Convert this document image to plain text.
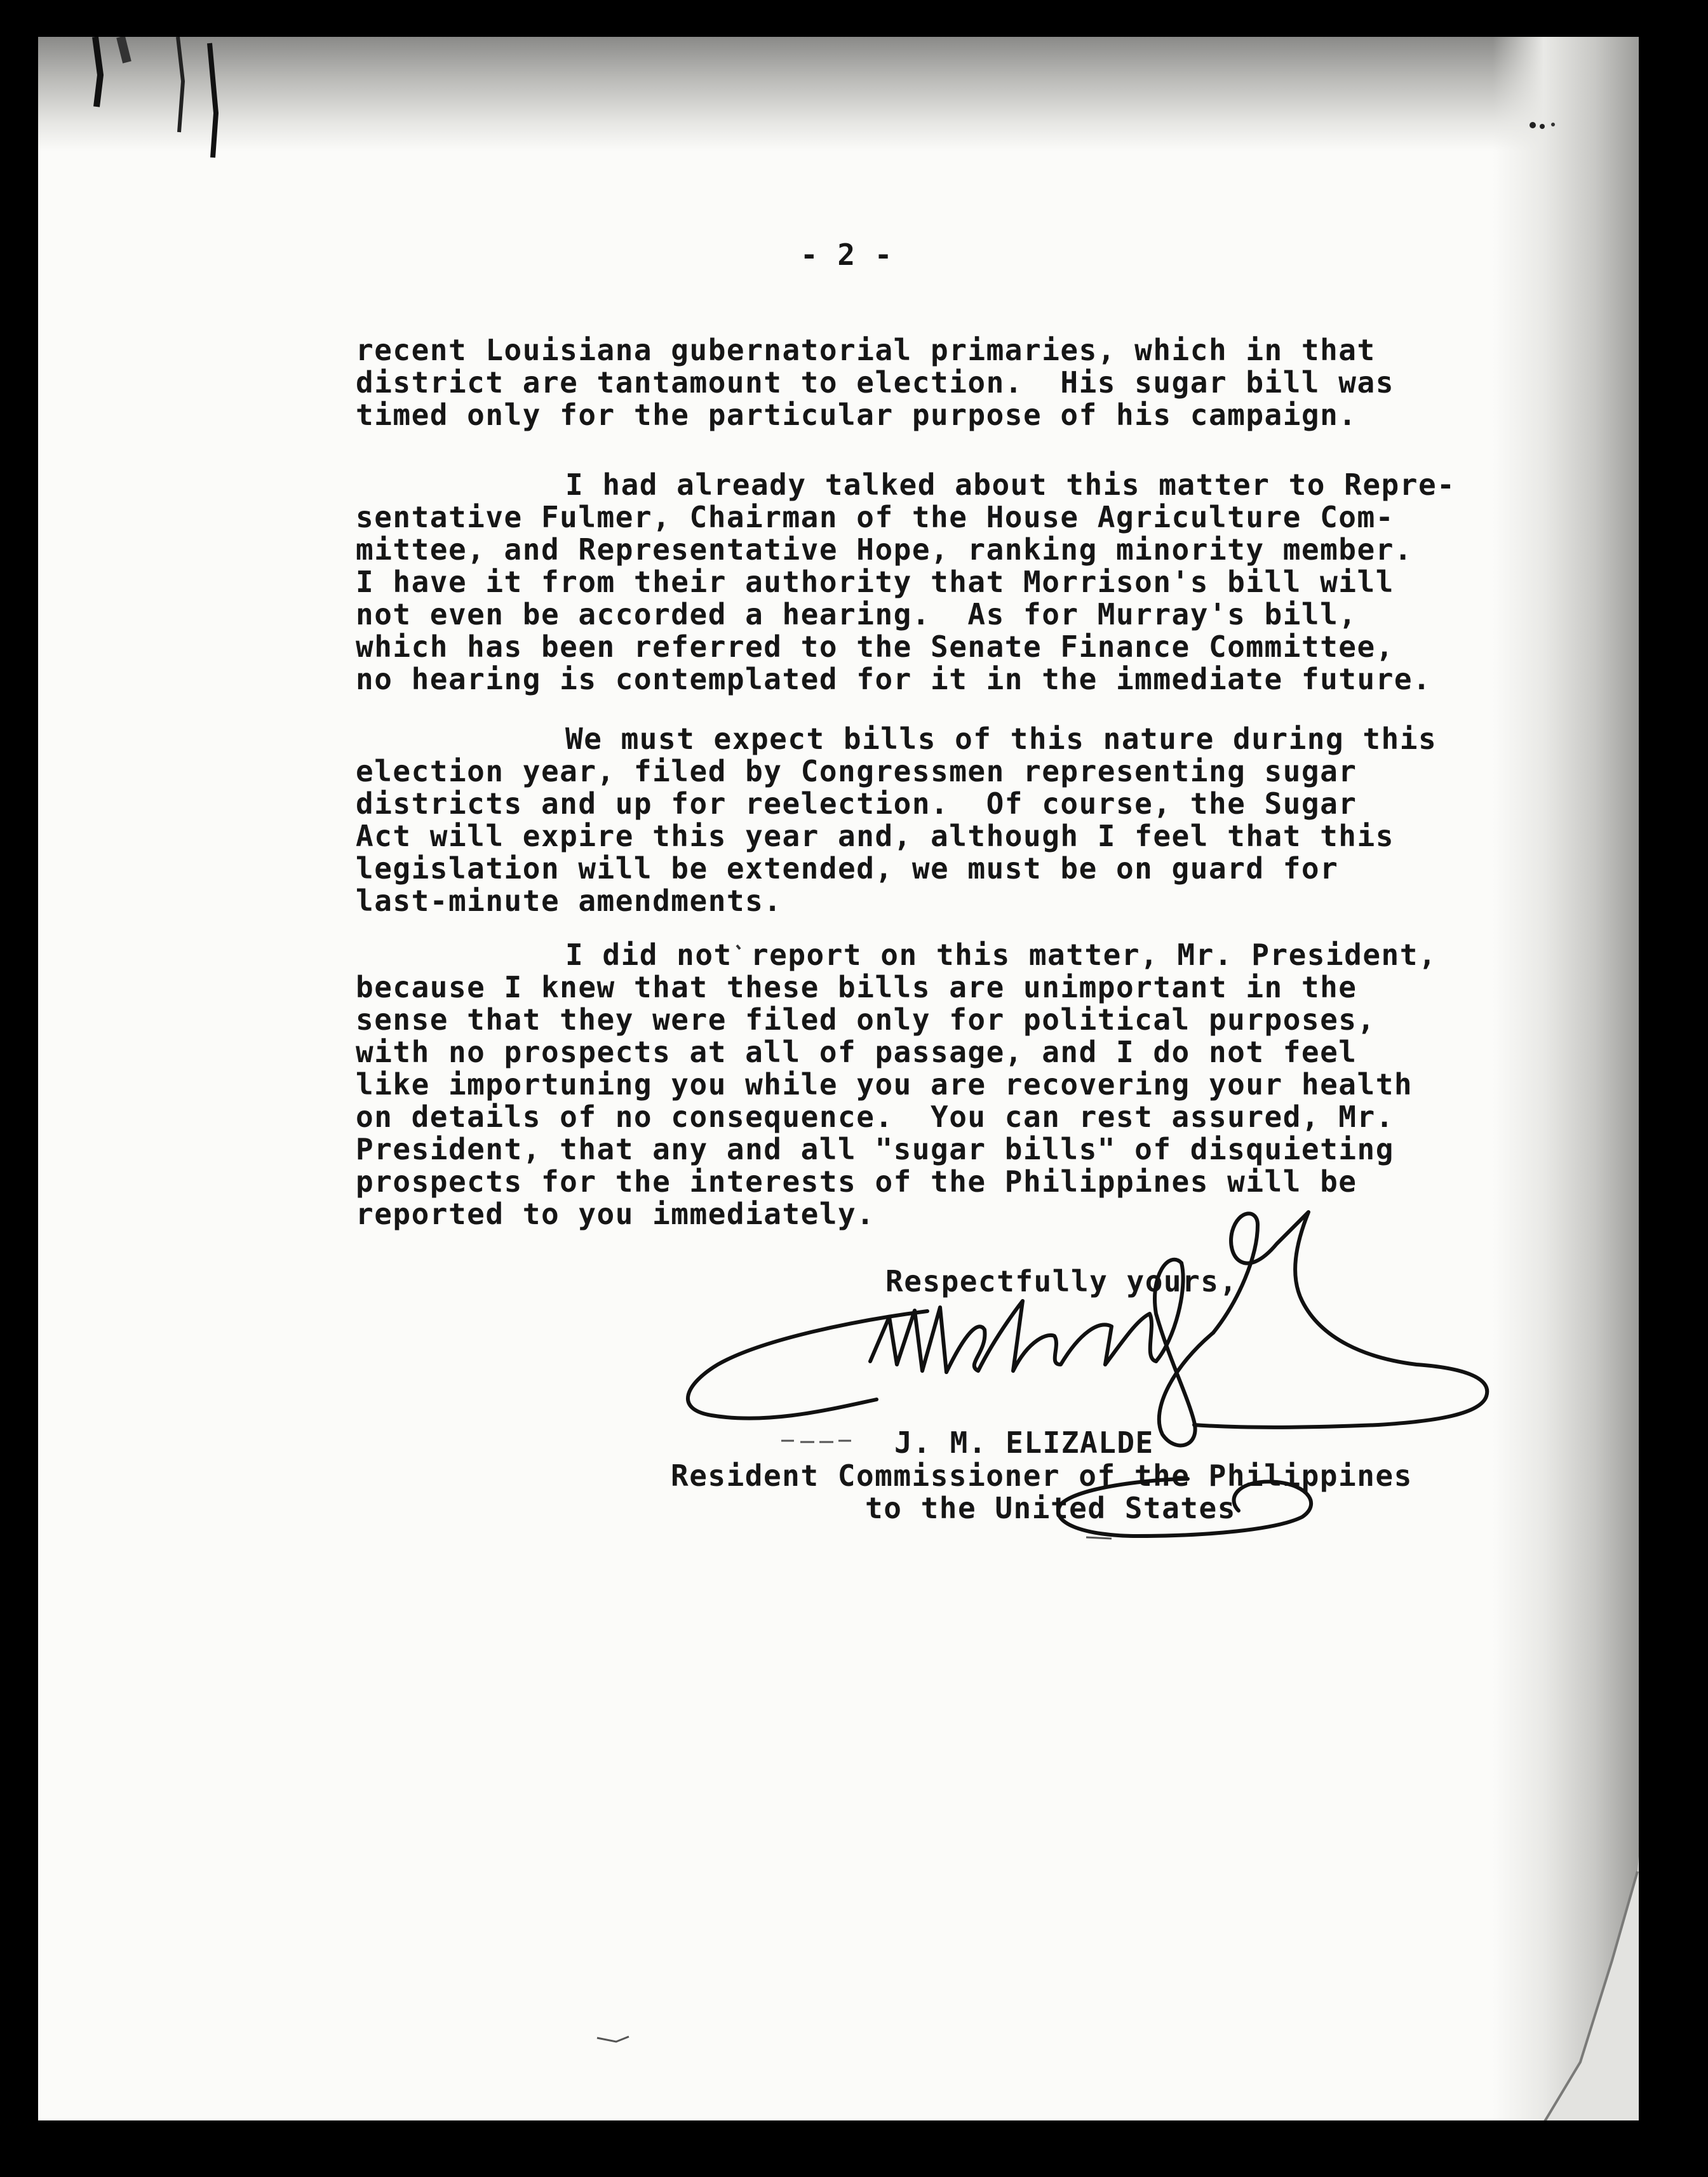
- 2 -
recent Louisiana gubernatorial primaries, which in that
district are tantamount to election.  His sugar bill was
timed only for the particular purpose of his campaign.
I had already talked about this matter to Repre-
sentative Fulmer, Chairman of the House Agriculture Com-
mittee, and Representative Hope, ranking minority member.
I have it from their authority that Morrison's bill will
not even be accorded a hearing.  As for Murray's bill,
which has been referred to the Senate Finance Committee,
no hearing is contemplated for it in the immediate future.
We must expect bills of this nature during this
election year, filed by Congressmen representing sugar
districts and up for reelection.  Of course, the Sugar
Act will expire this year and, although I feel that this
legislation will be extended, we must be on guard for
last-minute amendments.
I did not report on this matter, Mr. President,
because I knew that these bills are unimportant in the
sense that they were filed only for political purposes,
with no prospects at all of passage, and I do not feel
like importuning you while you are recovering your health
on details of no consequence.  You can rest assured, Mr.
President, that any and all "sugar bills" of disquieting
prospects for the interests of the Philippines will be
reported to you immediately.
Respectfully yours,
J. M. ELIZALDE
Resident Commissioner of the Philippines
to the United States
